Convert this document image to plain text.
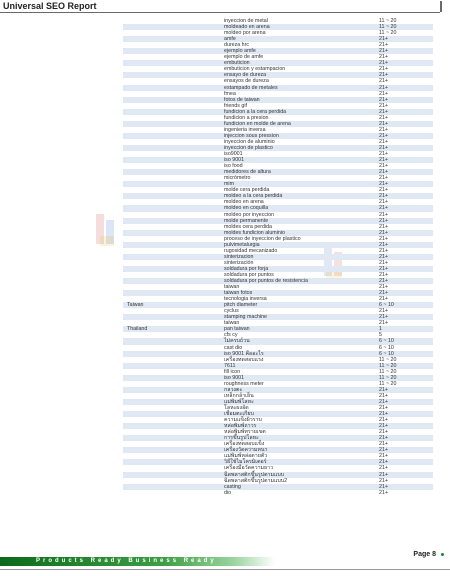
Universal SEO Report
inyeccion de metal	11 ~ 20
moldeado en arena	11 ~ 20
moldeo por arena	11 ~ 20
amfe	21+
dureza hrc	21+
ejemplo amfe	21+
ejemplo de amfe	21+
embuticion	21+
embuticion y estampacion	21+
ensayo de dureza	21+
ensayos de dureza	21+
estampado de metales	21+
fmea	21+
fotos de taiwan	21+
friends gif	21+
fundicion a la cera perdida	21+
fundicion a presion	21+
fundicion en molde de arena	21+
ingenieria inversa	21+
injeccion sous pression	21+
inyeccion de aluminio	21+
inyeccion de plastico	21+
iso9001	21+
iso 9001	21+
iso food	21+
medidores de altura	21+
micrómetro	21+
mim	21+
molde cera perdida	21+
moldeo a la cera perdida	21+
moldeo en arena	21+
moldeo en coquilla	21+
moldeo por inyeccion	21+
molde permanente	21+
moldes cera perdida	21+
moldes fundicion aluminio	21+
proceso de inyeccion de plastico	21+
pulvimetalurgia	21+
rugosidad mecanizado	21+
sinterizacion	21+
sinterización	21+
soldadura por forja	21+
soldadura por puntos	21+
soldadura por puntos de resistencia	21+
taiwan	21+
taiwan fotos	21+
tecnologia inversa	21+
Taiwan	pitch diameter	6 ~ 10
cyclus	21+
stamping machine	21+
taiwan	21+
Thailand	pan taiwan	1
cfs cy	5
ไม่ครบถ้วน	6 ~ 10
cast dio	6 ~ 10
iso 9001 คืออะไร	6 ~ 10
เครื่องทดสอบแรง	11 ~ 20
7611	11 ~ 20
fill icon	11 ~ 20
iso 9001	11 ~ 20
roughness meter	11 ~ 20
กลวงตะ	21+
เหล็กกล้าเย็น	21+
แม่พิมพ์โลหะ	21+
โลหะผงอัด	21+
เชื่อมตะเกียบ	21+
ความแข็งผิวราบ	21+
หล่อพิมพ์ถาวร	21+
หล่อพิมพ์ทรายเขต	21+
การขึ้นรูปโลหะ	21+
เครื่องทดสอบแข็ง	21+
เครื่องวัดความหนา	21+
แม่พิมพ์หล่อตายตัว	21+
วิธีใช้ไมโครมิเตอร์	21+
เครื่องมือวัดความยาว	21+
ฉีดพลาสติกขึ้นรูปตามแบบ	21+
ฉีดพลาสติกขึ้นรูปตามแบบ2	21+
casting	21+
dio	21+
Page 8
Products Ready Business Ready
